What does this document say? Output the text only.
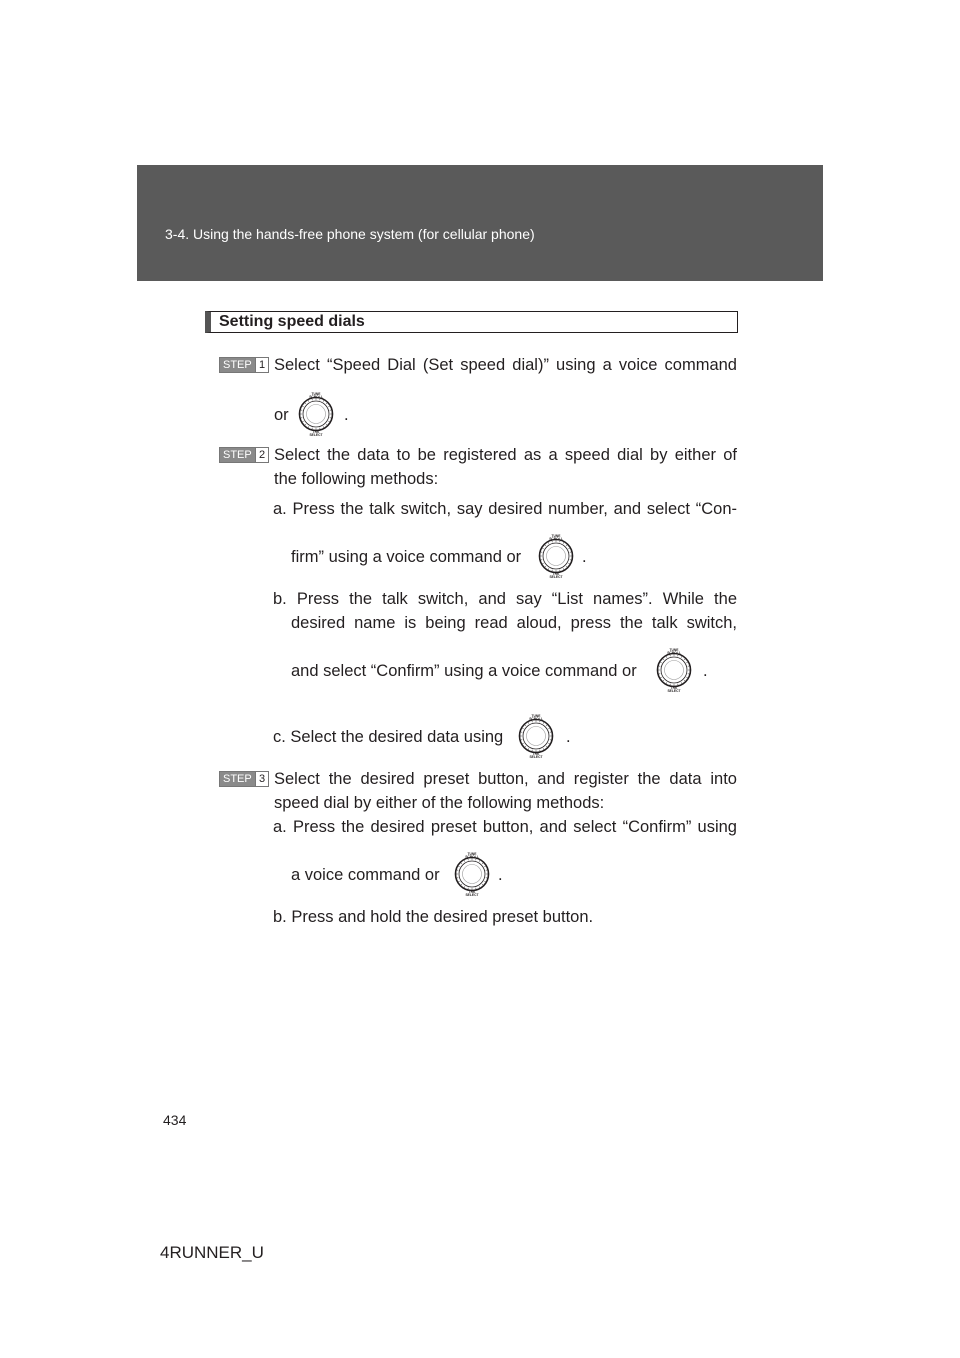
3-4. Using the hands-free phone system (for cellular phone)
Setting speed dials
STEP 1 Select “Speed Dial (Set speed dial)” using a voice command
or
TUNE
SCROLL
TRK
SELECT
.
STEP 2 Select the data to be registered as a speed dial by either of
the following methods:
a. Press the talk switch, say desired number, and select “Con-
firm” using a voice command or
TUNE
SCROLL
TRK
SELECT
.
b. Press the talk switch, and say “List names”. While the
desired name is being read aloud, press the talk switch,
and select “Confirm” using a voice command or
TUNE
SCROLL
TRK
SELECT
.
c. Select the desired data using
TUNE
SCROLL
TRK
SELECT
.
STEP 3 Select the desired preset button, and register the data into
speed dial by either of the following methods:
a. Press the desired preset button, and select “Confirm” using
a voice command or
TUNE
SCROLL
TRK
SELECT
.
b. Press and hold the desired preset button.
434
4RUNNER_U
